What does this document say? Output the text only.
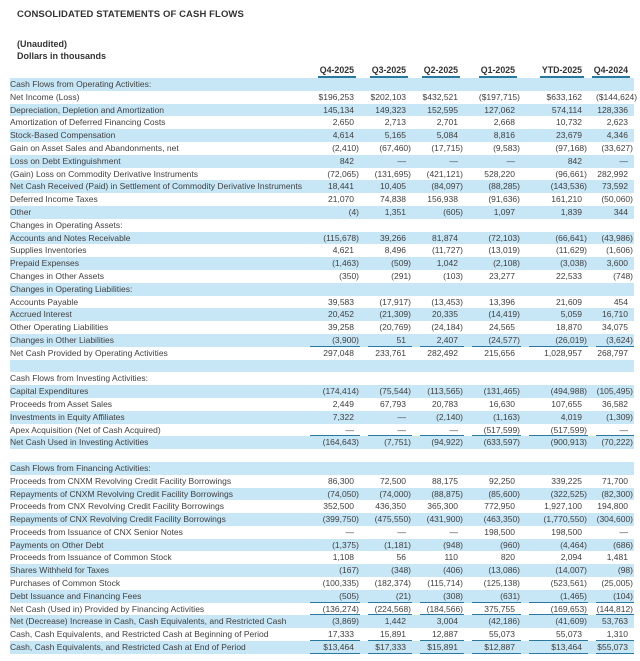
CONSOLIDATED STATEMENTS OF CASH FLOWS

(Unaudited)

Dollars in thousands

	Q4-2025	Q3-2025	Q2-2025	Q1-2025	YTD-2025	Q4-2024

Cash Flows from Operating Activities:						

Net Income (Loss)	$196,253	$202,103	$432,521	($197,715)	$633,162	($144,624)

Depreciation, Depletion and Amortization	145,134	149,323	152,595	127,062	574,114	128,336

Amortization of Deferred Financing Costs	2,650	2,713	2,701	2,668	10,732	2,623

Stock-Based Compensation	4,614	5,165	5,084	8,816	23,679	4,346

Gain on Asset Sales and Abandonments, net	(2,410)	(67,460)	(17,715)	(9,583)	(97,168)	(33,627)

Loss on Debt Extinguishment	842	—	—	—	842	—

(Gain) Loss on Commodity Derivative Instruments	(72,065)	(131,695)	(421,121)	528,220	(96,661)	282,992

Net Cash Received (Paid) in Settlement of Commodity Derivative Instruments	18,441	10,405	(84,097)	(88,285)	(143,536)	73,592

Deferred Income Taxes	21,070	74,838	156,938	(91,636)	161,210	(50,060)

Other	(4)	1,351	(605)	1,097	1,839	344

Changes in Operating Assets:						

Accounts and Notes Receivable	(115,678)	39,266	81,874	(72,103)	(66,641)	(43,986)

Supplies Inventories	4,621	8,496	(11,727)	(13,019)	(11,629)	(1,606)

Prepaid Expenses	(1,463)	(509)	1,042	(2,108)	(3,038)	3,600

Changes in Other Assets	(350)	(291)	(103)	23,277	22,533	(748)

Changes in Operating Liabilities:						

Accounts Payable	39,583	(17,917)	(13,453)	13,396	21,609	454

Accrued Interest	20,452	(21,309)	20,335	(14,419)	5,059	16,710

Other Operating Liabilities	39,258	(20,769)	(24,184)	24,565	18,870	34,075

Changes in Other Liabilities	(3,900)	51	2,407	(24,577)	(26,019)	(3,624)

Net Cash Provided by Operating Activities	297,048	233,761	282,492	215,656	1,028,957	268,797

Cash Flows from Investing Activities:						

Capital Expenditures	(174,414)	(75,544)	(113,565)	(131,465)	(494,988)	(105,495)

Proceeds from Asset Sales	2,449	67,793	20,783	16,630	107,655	36,582

Investments in Equity Affiliates	7,322	—	(2,140)	(1,163)	4,019	(1,309)

Apex Acquisition (Net of Cash Acquired)	—	—	—	(517,599)	(517,599)	—

Net Cash Used in Investing Activities	(164,643)	(7,751)	(94,922)	(633,597)	(900,913)	(70,222)

Cash Flows from Financing Activities:						

Proceeds from CNXM Revolving Credit Facility Borrowings	86,300	72,500	88,175	92,250	339,225	71,700

Repayments of CNXM Revolving Credit Facility Borrowings	(74,050)	(74,000)	(88,875)	(85,600)	(322,525)	(82,300)

Proceeds from CNX Revolving Credit Facility Borrowings	352,500	436,350	365,300	772,950	1,927,100	194,800

Repayments of CNX Revolving Credit Facility Borrowings	(399,750)	(475,550)	(431,900)	(463,350)	(1,770,550)	(304,600)

Proceeds from Issuance of CNX Senior Notes	—	—	—	198,500	198,500	—

Payments on Other Debt	(1,375)	(1,181)	(948)	(960)	(4,464)	(686)

Proceeds from Issuance of Common Stock	1,108	56	110	820	2,094	1,481

Shares Withheld for Taxes	(167)	(348)	(406)	(13,086)	(14,007)	(98)

Purchases of Common Stock	(100,335)	(182,374)	(115,714)	(125,138)	(523,561)	(25,005)

Debt Issuance and Financing Fees	(505)	(21)	(308)	(631)	(1,465)	(104)

Net Cash (Used in) Provided by Financing Activities	(136,274)	(224,568)	(184,566)	375,755	(169,653)	(144,812)

Net (Decrease) Increase in Cash, Cash Equivalents, and Restricted Cash	(3,869)	1,442	3,004	(42,186)	(41,609)	53,763

Cash, Cash Equivalents, and Restricted Cash at Beginning of Period	17,333	15,891	12,887	55,073	55,073	1,310

Cash, Cash Equivalents, and Restricted Cash at End of Period	$13,464	$17,333	$15,891	$12,887	$13,464	$55,073
